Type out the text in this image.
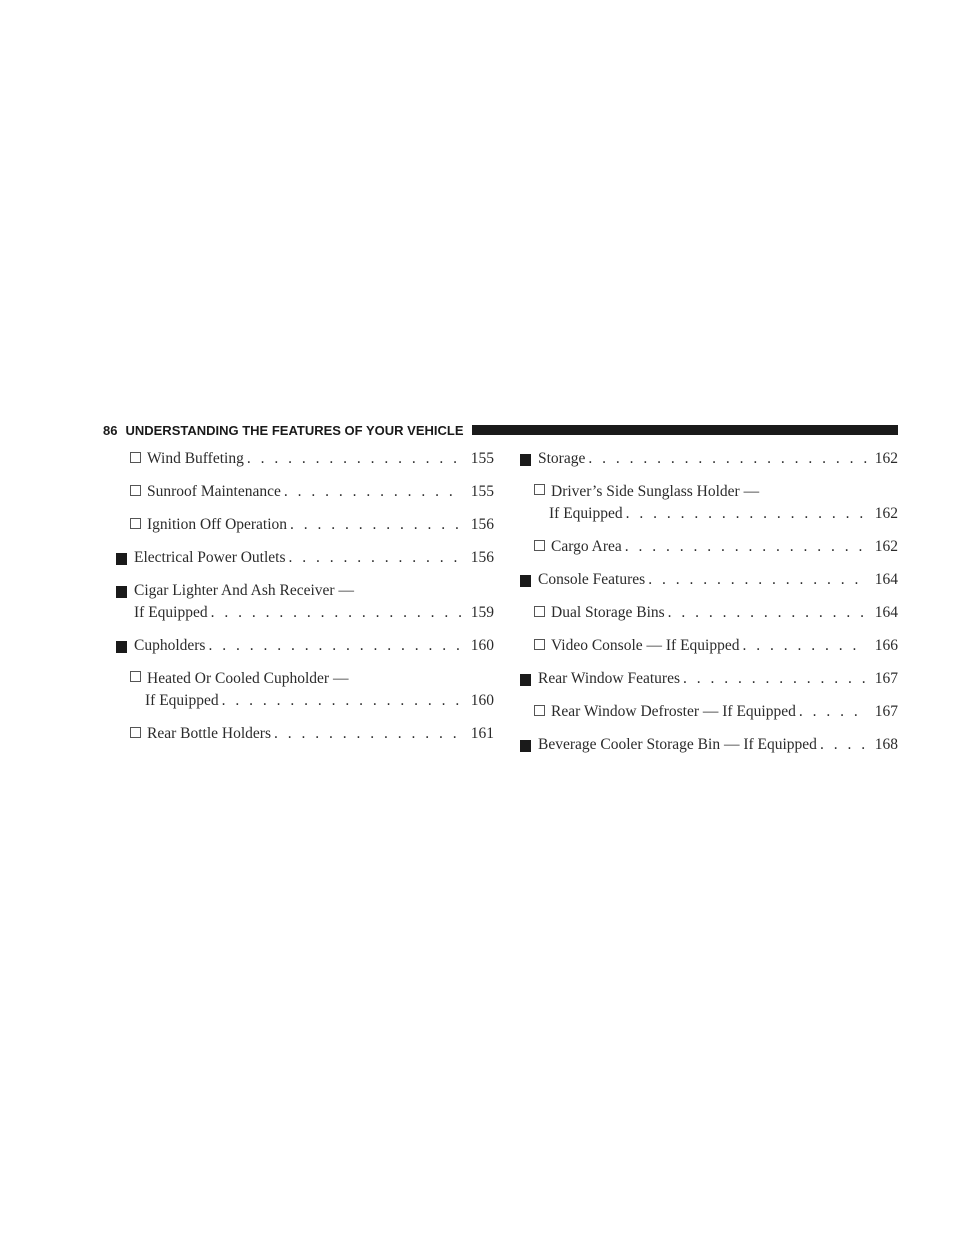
86 UNDERSTANDING THE FEATURES OF YOUR VEHICLE
Wind Buffeting . . .	155
Sunroof Maintenance . . .	155
Ignition Off Operation . . .	156
Electrical Power Outlets . . .	156
Cigar Lighter And Ash Receiver —
If Equipped . . .	159
Cupholders . . .	160
Heated Or Cooled Cupholder —
If Equipped . . .	160
Rear Bottle Holders . . .	161
Storage . . .	162
Driver’s Side Sunglass Holder —
If Equipped . . .	162
Cargo Area . . .	162
Console Features . . .	164
Dual Storage Bins . . .	164
Video Console — If Equipped . . .	166
Rear Window Features . . .	167
Rear Window Defroster — If Equipped . . .	167
Beverage Cooler Storage Bin — If Equipped . . .	168
